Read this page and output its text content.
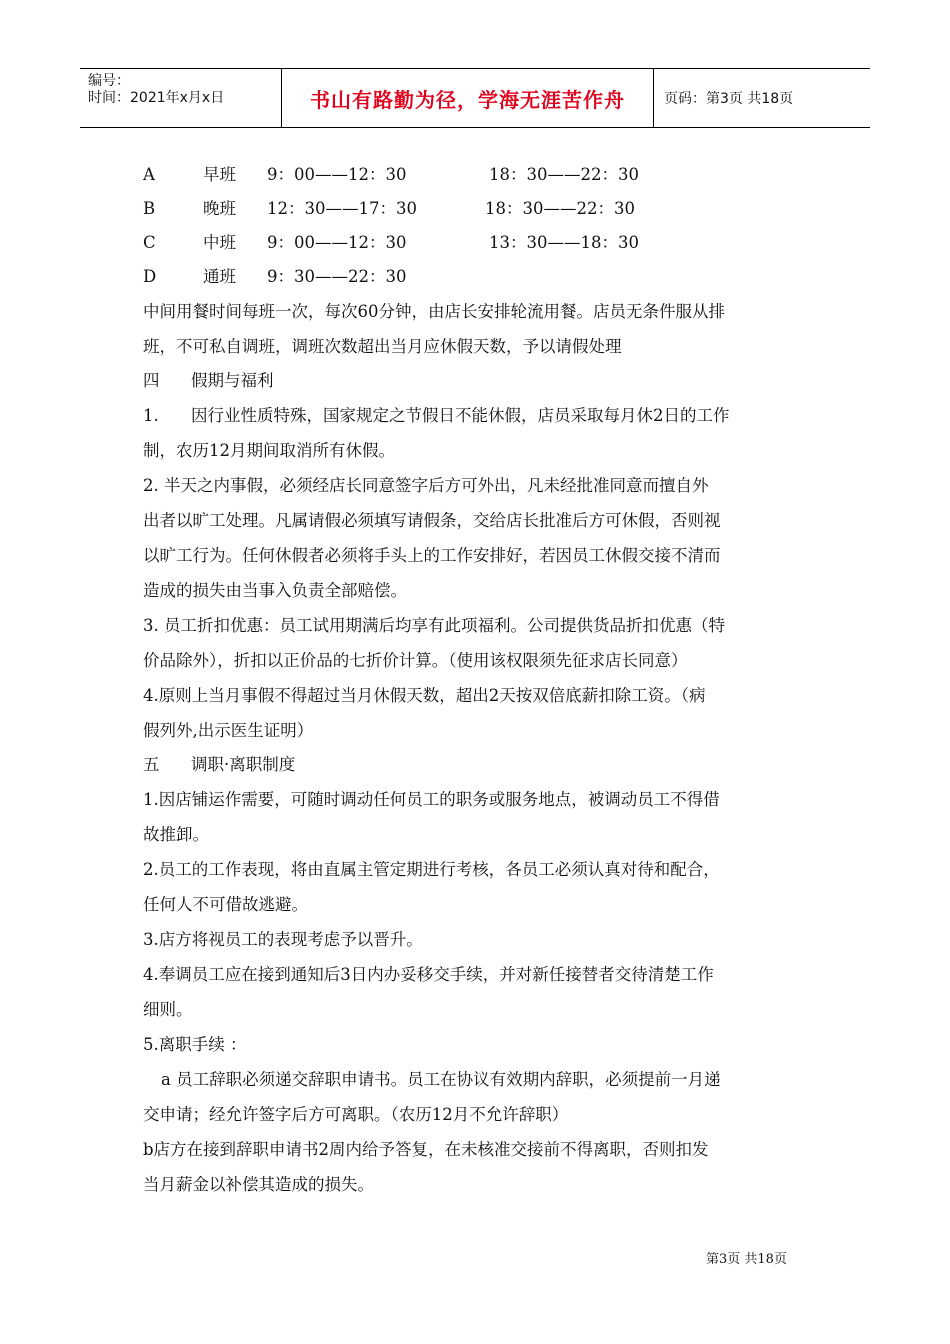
编号：
时间：2021年x月x日	书山有路勤为径，学海无涯苦作舟	页码：第3页 共18页
A	早班	9：00——12：30	18：30——22：30
B	晚班	12：30——17：30	18：30——22：30
C	中班	9：00——12：30	13：30——18：30
D	通班	9：30——22：30
中间用餐时间每班一次，每次60分钟，由店长安排轮流用餐。店员无条件服从排
班，不可私自调班，调班次数超出当月应休假天数，予以请假处理
四	假期与福利
1. 因行业性质特殊，国家规定之节假日不能休假，店员采取每月休2日的工作
制，农历12月期间取消所有休假。
2. 半天之内事假，必须经店长同意签字后方可外出，凡未经批准同意而擅自外
出者以旷工处理。凡属请假必须填写请假条，交给店长批准后方可休假，否则视
以旷工行为。任何休假者必须将手头上的工作安排好，若因员工休假交接不清而
造成的损失由当事入负责全部赔偿。
3. 员工折扣优惠：员工试用期满后均享有此项福利。公司提供货品折扣优惠（特
价品除外），折扣以正价品的七折价计算。（使用该权限须先征求店长同意）
4.原则上当月事假不得超过当月休假天数，超出2天按双倍底薪扣除工资。（病
假列外,出示医生证明）
五	调职·离职制度
1.因店铺运作需要，可随时调动任何员工的职务或服务地点，被调动员工不得借
故推卸。
2.员工的工作表现，将由直属主管定期进行考核，各员工必须认真对待和配合，
任何人不可借故逃避。
3.店方将视员工的表现考虑予以晋升。
4.奉调员工应在接到通知后3日内办妥移交手续，并对新任接替者交待清楚工作
细则。
5.离职手续 ：
a 员工辞职必须递交辞职申请书。员工在协议有效期内辞职，必须提前一月递
交申请；经允许签字后方可离职。（农历12月不允许辞职）
b店方在接到辞职申请书2周内给予答复，在未核准交接前不得离职，否则扣发
当月薪金以补偿其造成的损失。
第3页 共18页
